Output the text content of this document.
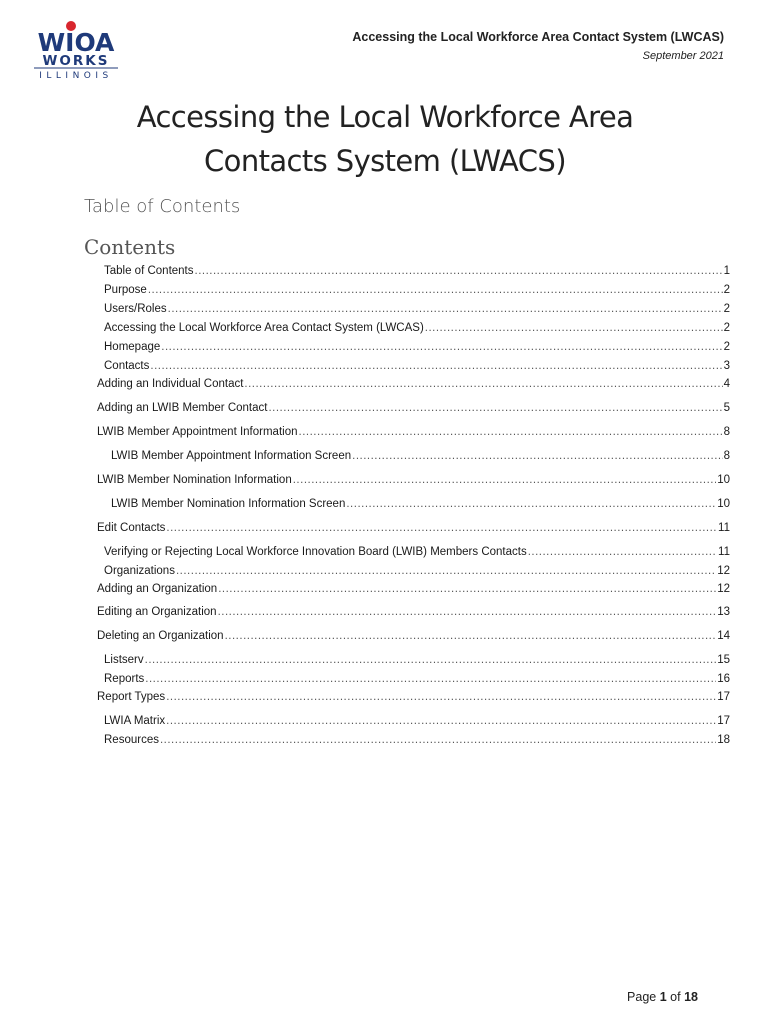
WIOA
WORKS
ILLINOIS
Accessing the Local Workforce Area Contact System (LWCAS)
September 2021
Accessing the Local Workforce Area
Contacts System (LWACS)
Table of Contents
Contents
Table of Contents .....	1
Purpose .....	2
Users/Roles .....	2
Accessing the Local Workforce Area Contact System (LWCAS) .....	2
Homepage .....	2
Contacts .....	3
Adding an Individual Contact .....	4
Adding an LWIB Member Contact .....	5
LWIB Member Appointment Information .....	8
LWIB Member Appointment Information Screen .....	8
LWIB Member Nomination Information .....	10
LWIB Member Nomination Information Screen .....	10
Edit Contacts .....	11
Verifying or Rejecting Local Workforce Innovation Board (LWIB) Members Contacts .....	11
Organizations .....	12
Adding an Organization .....	12
Editing an Organization .....	13
Deleting an Organization .....	14
Listserv .....	15
Reports .....	16
Report Types .....	17
LWIA Matrix .....	17
Resources .....	18
Page 1 of 18
